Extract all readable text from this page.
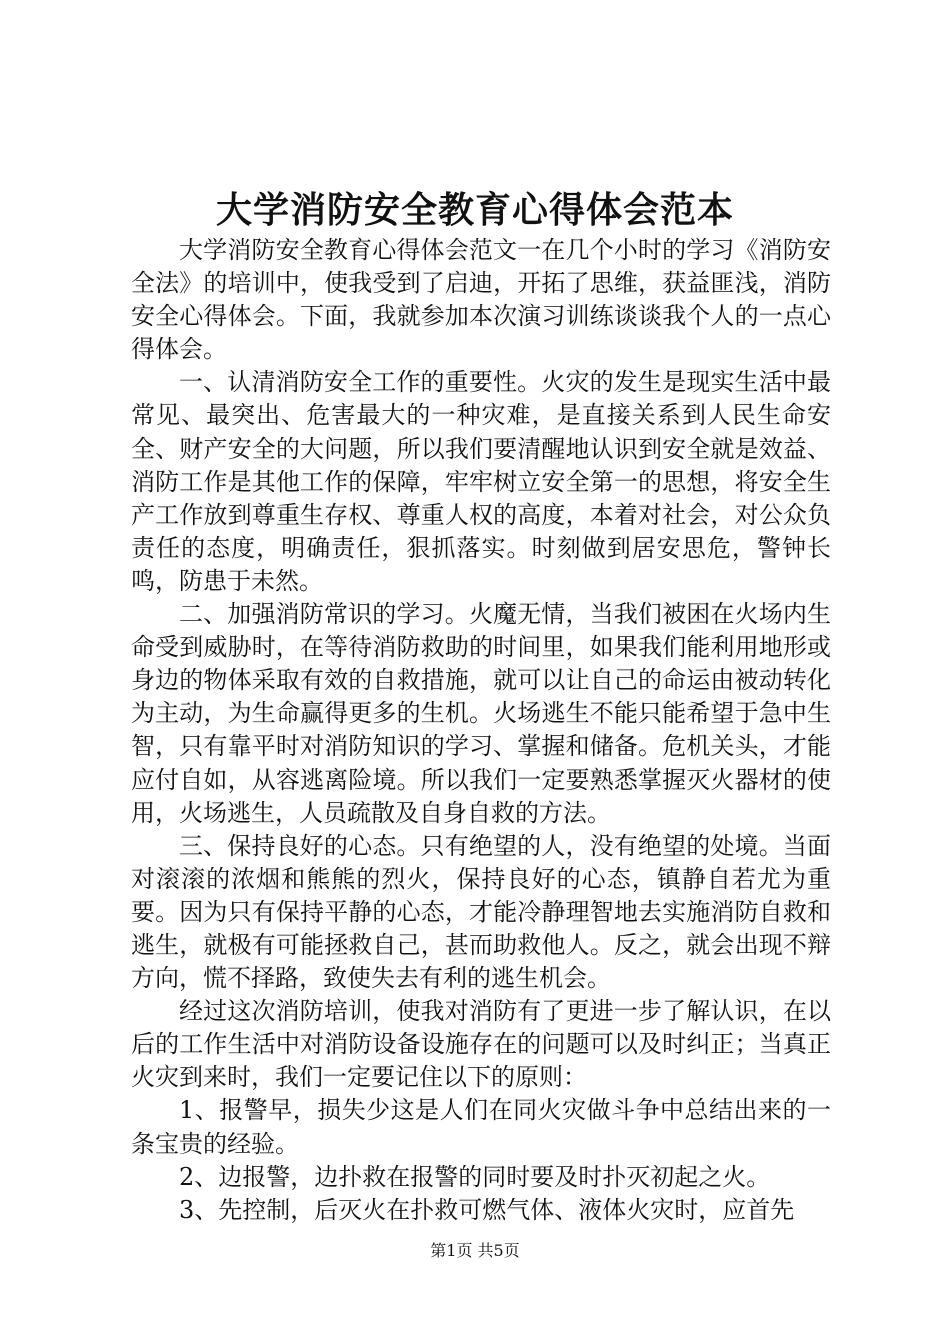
大学消防安全教育心得体会范本

大学消防安全教育心得体会范文一在几个小时的学习《消防安全法》的培训中，使我受到了启迪，开拓了思维，获益匪浅，消防安全心得体会。下面，我就参加本次演习训练谈谈我个人的一点心得体会。

一、认清消防安全工作的重要性。火灾的发生是现实生活中最常见、最突出、危害最大的一种灾难，是直接关系到人民生命安全、财产安全的大问题，所以我们要清醒地认识到安全就是效益、消防工作是其他工作的保障，牢牢树立安全第一的思想，将安全生产工作放到尊重生存权、尊重人权的高度，本着对社会，对公众负责任的态度，明确责任，狠抓落实。时刻做到居安思危，警钟长鸣，防患于未然。

二、加强消防常识的学习。火魔无情，当我们被困在火场内生命受到威胁时，在等待消防救助的时间里，如果我们能利用地形或身边的物体采取有效的自救措施，就可以让自己的命运由被动转化为主动，为生命赢得更多的生机。火场逃生不能只能希望于急中生智，只有靠平时对消防知识的学习、掌握和储备。危机关头，才能应付自如，从容逃离险境。所以我们一定要熟悉掌握灭火器材的使用，火场逃生，人员疏散及自身自救的方法。

三、保持良好的心态。只有绝望的人，没有绝望的处境。当面对滚滚的浓烟和熊熊的烈火，保持良好的心态，镇静自若尤为重要。因为只有保持平静的心态，才能冷静理智地去实施消防自救和逃生，就极有可能拯救自己，甚而助救他人。反之，就会出现不辩方向，慌不择路，致使失去有利的逃生机会。

经过这次消防培训，使我对消防有了更进一步了解认识，在以后的工作生活中对消防设备设施存在的问题可以及时纠正；当真正火灾到来时，我们一定要记住以下的原则：

1、报警早，损失少这是人们在同火灾做斗争中总结出来的一条宝贵的经验。

2、边报警，边扑救在报警的同时要及时扑灭初起之火。

3、先控制，后灭火在扑救可燃气体、液体火灾时，应首先

第1页 共5页
